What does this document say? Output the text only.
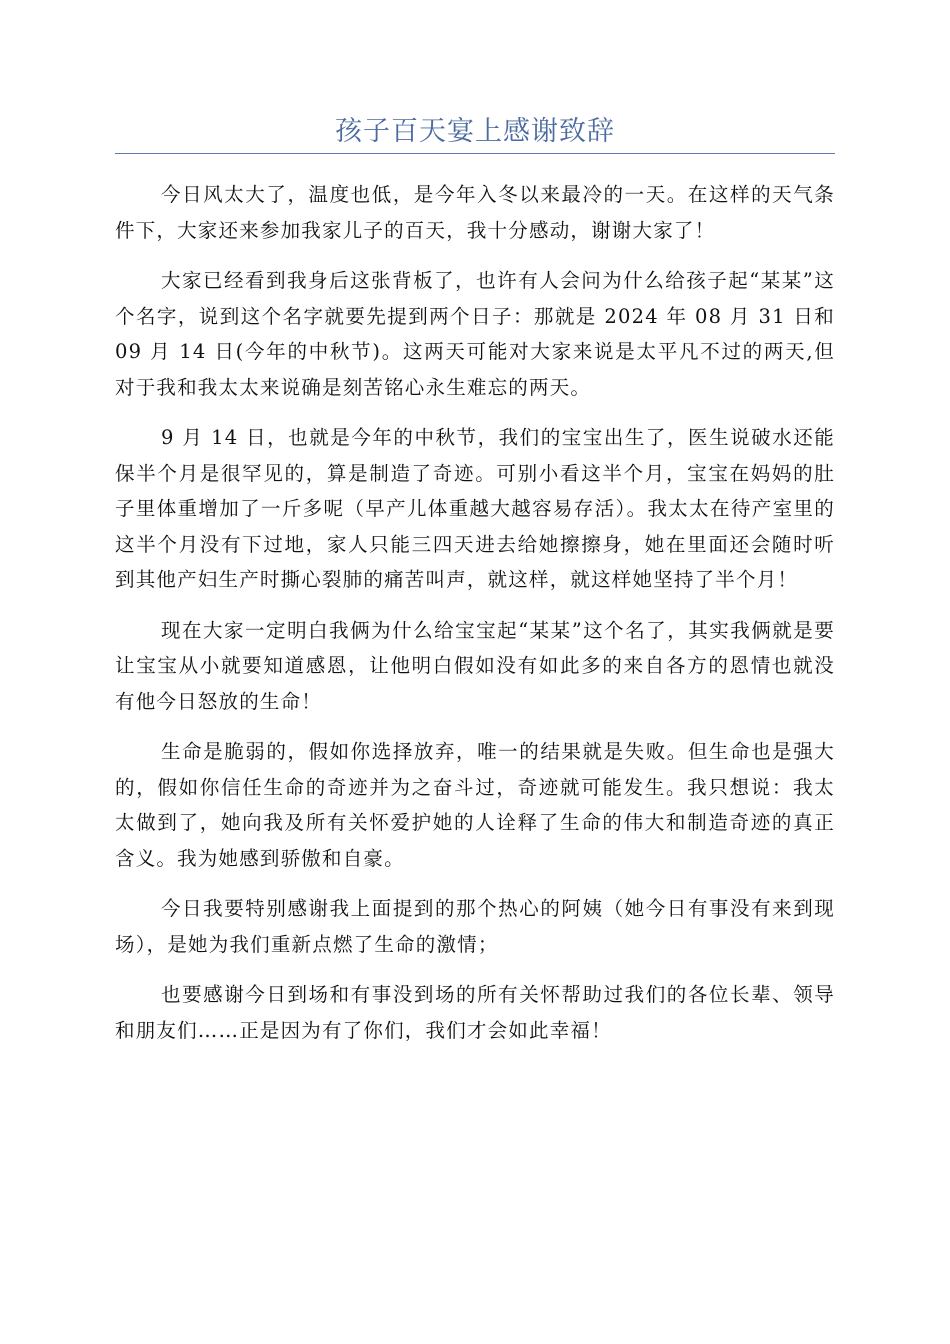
孩子百天宴上感谢致辞

今日风太大了，温度也低，是今年入冬以来最冷的一天。在这样的天气条件下，大家还来参加我家儿子的百天，我十分感动，谢谢大家了！

大家已经看到我身后这张背板了，也许有人会问为什么给孩子起“某某”这个名字，说到这个名字就要先提到两个日子：那就是 2024 年 08 月 31 日和 09 月 14 日(今年的中秋节)。这两天可能对大家来说是太平凡不过的两天,但对于我和我太太来说确是刻苦铭心永生难忘的两天。

9 月 14 日，也就是今年的中秋节，我们的宝宝出生了，医生说破水还能保半个月是很罕见的，算是制造了奇迹。可别小看这半个月，宝宝在妈妈的肚子里体重增加了一斤多呢（早产儿体重越大越容易存活）。我太太在待产室里的这半个月没有下过地，家人只能三四天进去给她擦擦身，她在里面还会随时听到其他产妇生产时撕心裂肺的痛苦叫声，就这样，就这样她坚持了半个月！

现在大家一定明白我俩为什么给宝宝起“某某”这个名了，其实我俩就是要让宝宝从小就要知道感恩，让他明白假如没有如此多的来自各方的恩情也就没有他今日怒放的生命！

生命是脆弱的，假如你选择放弃，唯一的结果就是失败。但生命也是强大的，假如你信任生命的奇迹并为之奋斗过，奇迹就可能发生。我只想说：我太太做到了，她向我及所有关怀爱护她的人诠释了生命的伟大和制造奇迹的真正含义。我为她感到骄傲和自豪。

今日我要特别感谢我上面提到的那个热心的阿姨（她今日有事没有来到现场），是她为我们重新点燃了生命的激情；

也要感谢今日到场和有事没到场的所有关怀帮助过我们的各位长辈、领导和朋友们……正是因为有了你们，我们才会如此幸福！
